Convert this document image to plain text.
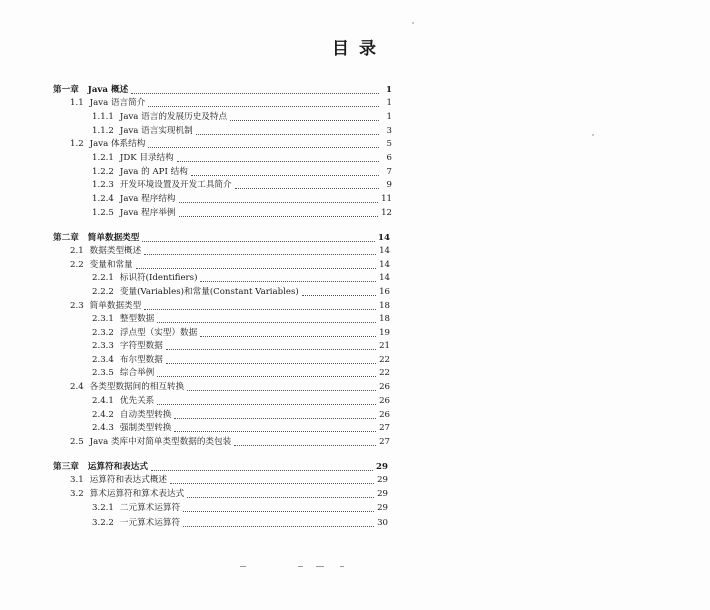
目 录
第一章 Java 概述	1
1.1 Java 语言简介	1
1.1.1 Java 语言的发展历史及特点	1
1.1.2 Java 语言实现机制	3
1.2 Java 体系结构	5
1.2.1 JDK 目录结构	6
1.2.2 Java 的 API 结构	7
1.2.3 开发环境设置及开发工具简介	9
1.2.4 Java 程序结构	11
1.2.5 Java 程序举例	12
第二章 简单数据类型	14
2.1 数据类型概述	14
2.2 变量和常量	14
2.2.1 标识符(Identifiers)	14
2.2.2 变量(Variables)和常量(Constant Variables)	16
2.3 简单数据类型	18
2.3.1 整型数据	18
2.3.2 浮点型（实型）数据	19
2.3.3 字符型数据	21
2.3.4 布尔型数据	22
2.3.5 综合举例	22
2.4 各类型数据间的相互转换	26
2.4.1 优先关系	26
2.4.2 自动类型转换	26
2.4.3 强制类型转换	27
2.5 Java 类库中对简单类型数据的类包装	27
第三章 运算符和表达式	29
3.1 运算符和表达式概述	29
3.2 算术运算符和算术表达式	29
3.2.1 二元算术运算符	29
3.2.2 一元算术运算符	30
